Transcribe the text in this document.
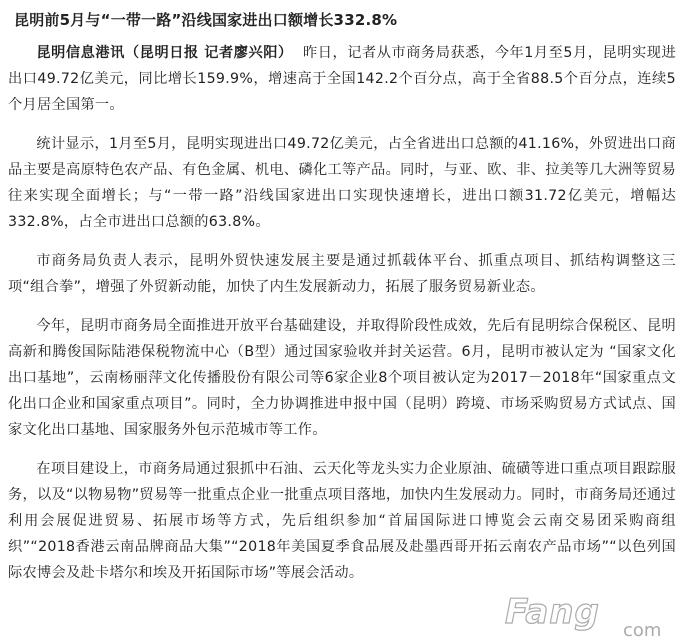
昆明前5月与“一带一路”沿线国家进出口额增长332.8%

昆明信息港讯（昆明日报 记者廖兴阳） 昨日，记者从市商务局获悉，今年1月至5月，昆明实现进出口49.72亿美元，同比增长159.9%，增速高于全国142.2个百分点，高于全省88.5个百分点，连续5个月居全国第一。

统计显示，1月至5月，昆明实现进出口49.72亿美元，占全省进出口总额的41.16%，外贸进出口商品主要是高原特色农产品、有色金属、机电、磷化工等产品。同时，与亚、欧、非、拉美等几大洲等贸易往来实现全面增长；与“一带一路”沿线国家进出口实现快速增长，进出口额31.72亿美元，增幅达332.8%，占全市进出口总额的63.8%。

市商务局负责人表示，昆明外贸快速发展主要是通过抓载体平台、抓重点项目、抓结构调整这三项“组合拳”，增强了外贸新动能，加快了内生发展新动力，拓展了服务贸易新业态。

今年，昆明市商务局全面推进开放平台基础建设，并取得阶段性成效，先后有昆明综合保税区、昆明高新和腾俊国际陆港保税物流中心（B型）通过国家验收并封关运营。6月，昆明市被认定为 “国家文化出口基地”，云南杨丽萍文化传播股份有限公司等6家企业8个项目被认定为2017－2018年“国家重点文化出口企业和国家重点项目”。同时，全力协调推进申报中国（昆明）跨境、市场采购贸易方式试点、国家文化出口基地、国家服务外包示范城市等工作。

在项目建设上，市商务局通过狠抓中石油、云天化等龙头实力企业原油、硫磺等进口重点项目跟踪服务，以及“以物易物”贸易等一批重点企业一批重点项目落地，加快内生发展动力。同时，市商务局还通过利用会展促进贸易、拓展市场等方式，先后组织参加“首届国际进口博览会云南交易团采购商组织”“2018香港云南品牌商品大集”“2018年美国夏季食品展及赴墨西哥开拓云南农产品市场”“以色列国际农博会及赴卡塔尔和埃及开拓国际市场”等展会活动。

Fang com
